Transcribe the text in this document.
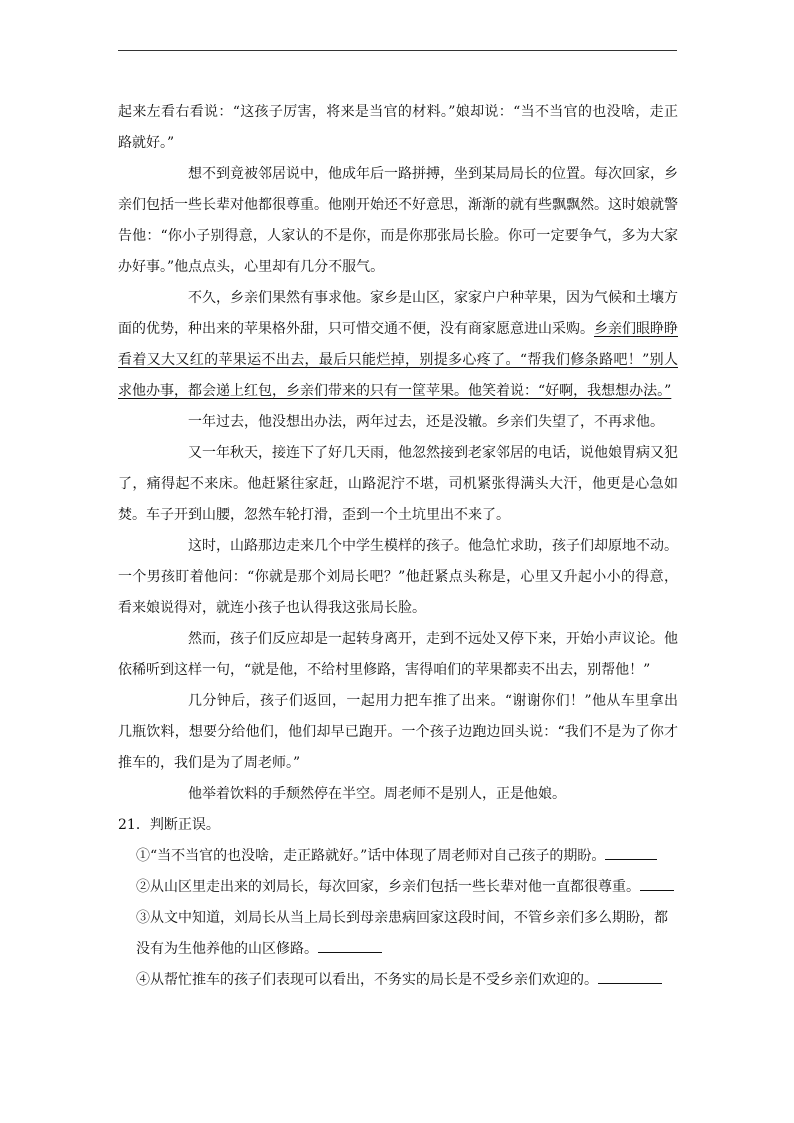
起来左看右看说：“这孩子厉害，将来是当官的材料。”娘却说：“当不当官的也没啥，走正路就好。”

想不到竟被邻居说中，他成年后一路拼搏，坐到某局局长的位置。每次回家，乡亲们包括一些长辈对他都很尊重。他刚开始还不好意思，渐渐的就有些飘飘然。这时娘就警告他：“你小子别得意，人家认的不是你，而是你那张局长脸。你可一定要争气，多为大家办好事。”他点点头，心里却有几分不服气。

不久，乡亲们果然有事求他。家乡是山区，家家户户种苹果，因为气候和土壤方面的优势，种出来的苹果格外甜，只可惜交通不便，没有商家愿意进山采购。乡亲们眼睁睁看着又大又红的苹果运不出去，最后只能烂掉，别提多心疼了。“帮我们修条路吧！”别人求他办事，都会递上红包，乡亲们带来的只有一筐苹果。他笑着说：“好啊，我想想办法。”

一年过去，他没想出办法，两年过去，还是没辙。乡亲们失望了，不再求他。

又一年秋天，接连下了好几天雨，他忽然接到老家邻居的电话，说他娘胃病又犯了，痛得起不来床。他赶紧往家赶，山路泥泞不堪，司机紧张得满头大汗，他更是心急如焚。车子开到山腰，忽然车轮打滑，歪到一个土坑里出不来了。

这时，山路那边走来几个中学生模样的孩子。他急忙求助，孩子们却原地不动。一个男孩盯着他问：“你就是那个刘局长吧？”他赶紧点头称是，心里又升起小小的得意，看来娘说得对，就连小孩子也认得我这张局长脸。

然而，孩子们反应却是一起转身离开，走到不远处又停下来，开始小声议论。他依稀听到这样一句，“就是他，不给村里修路，害得咱们的苹果都卖不出去，别帮他！”

几分钟后，孩子们返回，一起用力把车推了出来。“谢谢你们！”他从车里拿出几瓶饮料，想要分给他们，他们却早已跑开。一个孩子边跑边回头说：“我们不是为了你才推车的，我们是为了周老师。”

他举着饮料的手颓然停在半空。周老师不是别人，正是他娘。

21．判断正误。

①“当不当官的也没啥，走正路就好。”话中体现了周老师对自己孩子的期盼。

②从山区里走出来的刘局长，每次回家，乡亲们包括一些长辈对他一直都很尊重。

③从文中知道，刘局长从当上局长到母亲患病回家这段时间，不管乡亲们多么期盼，都没有为生他养他的山区修路。

④从帮忙推车的孩子们表现可以看出，不务实的局长是不受乡亲们欢迎的。
